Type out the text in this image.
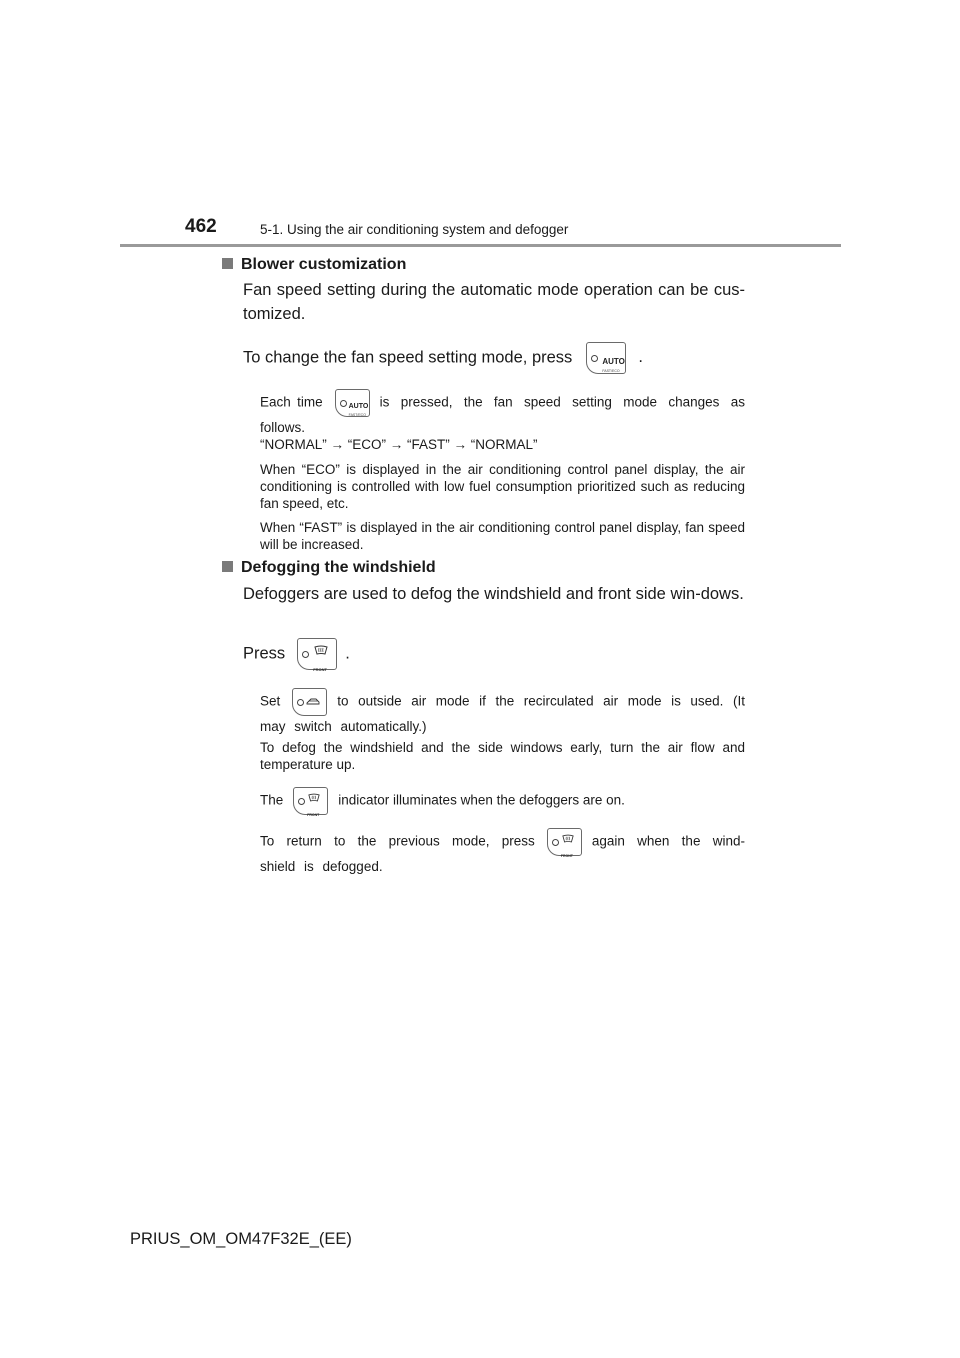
462	5-1. Using the air conditioning system and defogger
Blower customization
Fan speed setting during the automatic mode operation can be cus-tomized.
To change the fan speed setting mode, press	AUTO
FAST/ECO
.
Each time	AUTO
FAST/ECO
is pressed, the fan speed setting mode changes as follows.
“NORMAL” → “ECO” → “FAST” → “NORMAL”
When “ECO” is displayed in the air conditioning control panel display, the air conditioning is controlled with low fuel consumption prioritized such as reducing fan speed, etc.
When “FAST” is displayed in the air conditioning control panel display, fan speed will be increased.
Defogging the windshield
Defoggers are used to defog the windshield and front side win-dows.
Press
FRONT
.
Set	to outside air mode if the recirculated air mode is used. (It may switch automatically.)
To defog the windshield and the side windows early, turn the air flow and temperature up.
The
FRONT
indicator illuminates when the defoggers are on.
To return to the previous mode, press
FRONT
again when the wind-shield is defogged.
PRIUS_OM_OM47F32E_(EE)
